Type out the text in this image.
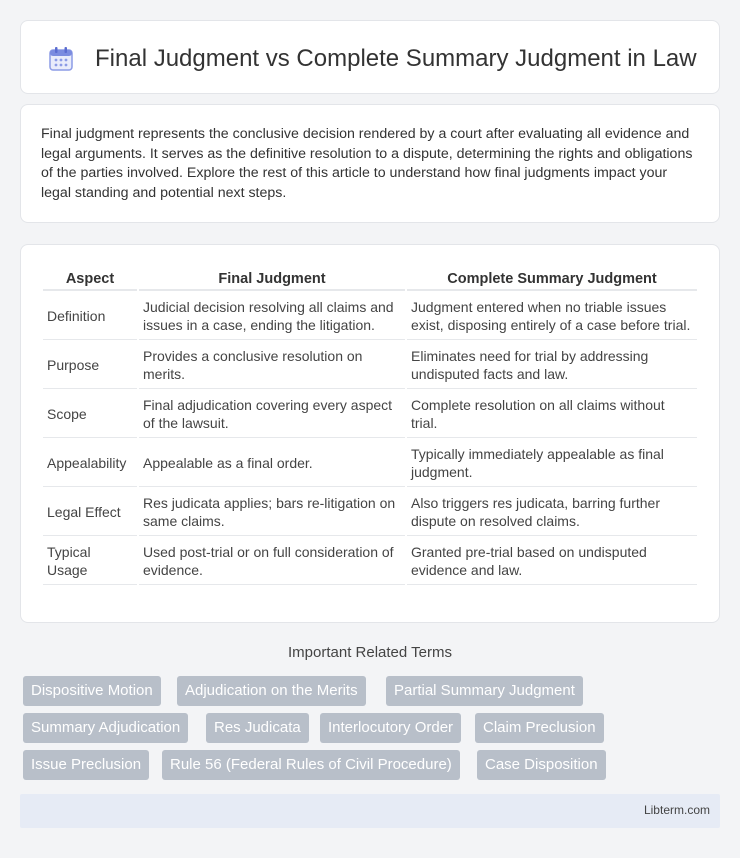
Final Judgment vs Complete Summary Judgment in Law

Final judgment represents the conclusive decision rendered by a court after evaluating all evidence and legal arguments. It serves as the definitive resolution to a dispute, determining the rights and obligations of the parties involved. Explore the rest of this article to understand how final judgments impact your legal standing and potential next steps.

Aspect	Final Judgment	Complete Summary Judgment
Definition	Judicial decision resolving all claims and issues in a case, ending the litigation.	Judgment entered when no triable issues exist, disposing entirely of a case before trial.
Purpose	Provides a conclusive resolution on merits.	Eliminates need for trial by addressing undisputed facts and law.
Scope	Final adjudication covering every aspect of the lawsuit.	Complete resolution on all claims without trial.
Appealability	Appealable as a final order.	Typically immediately appealable as final judgment.
Legal Effect	Res judicata applies; bars re-litigation on same claims.	Also triggers res judicata, barring further dispute on resolved claims.
Typical Usage	Used post-trial or on full consideration of evidence.	Granted pre-trial based on undisputed evidence and law.
Important Related Terms
Dispositive Motion	Adjudication on the Merits	Partial Summary Judgment
Summary Adjudication	Res Judicata	Interlocutory Order	Claim Preclusion
Issue Preclusion	Rule 56 (Federal Rules of Civil Procedure)	Case Disposition
Libterm.com
